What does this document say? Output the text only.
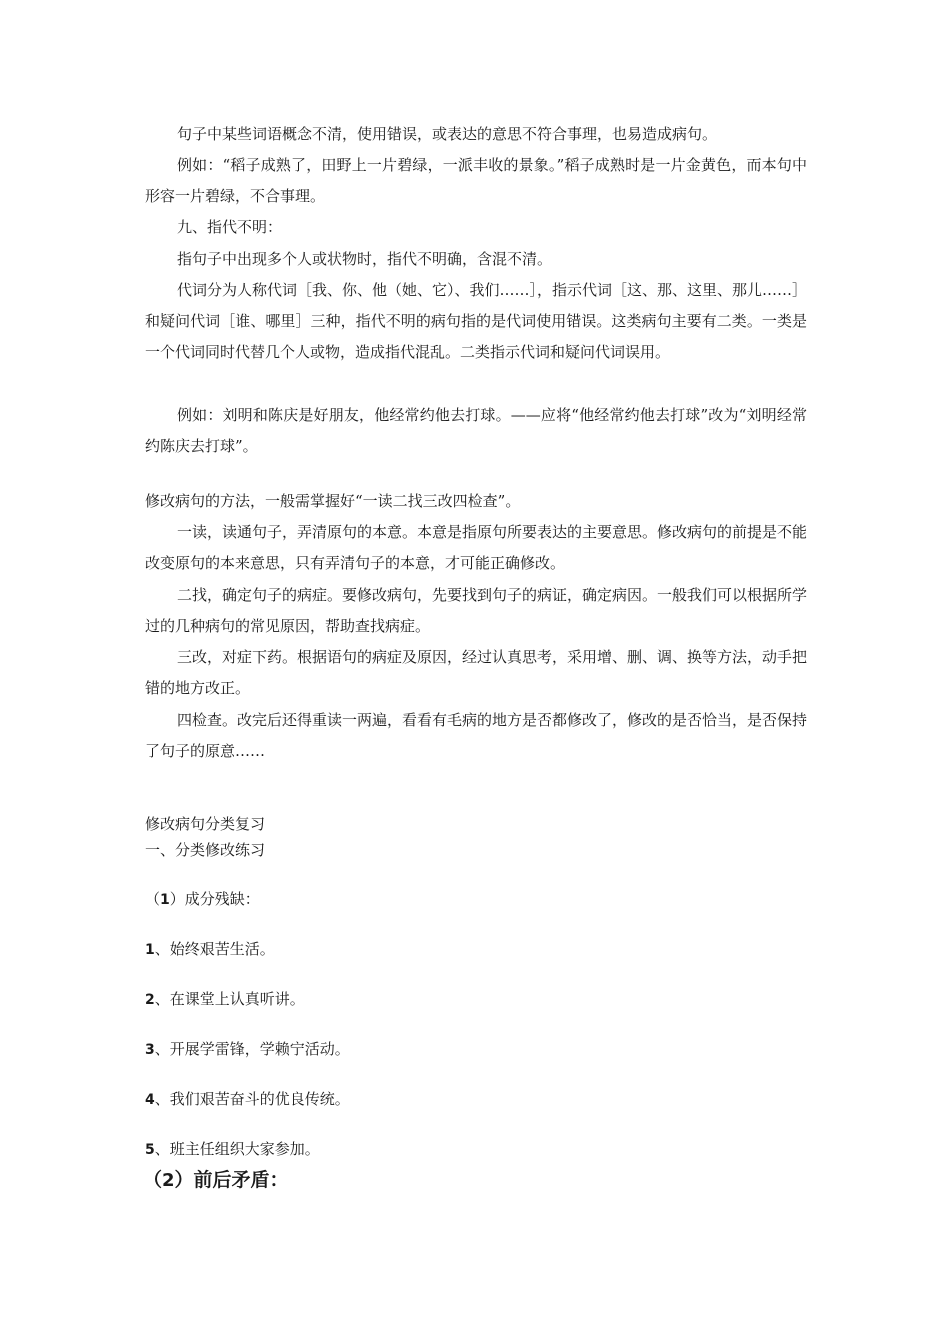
句子中某些词语概念不清，使用错误，或表达的意思不符合事理，也易造成病句。

例如：“稻子成熟了，田野上一片碧绿，一派丰收的景象。”稻子成熟时是一片金黄色，而本句中形容一片碧绿，不合事理。

九、指代不明：

指句子中出现多个人或状物时，指代不明确，含混不清。

代词分为人称代词［我、你、他（她、它）、我们……］，指示代词［这、那、这里、那儿……］和疑问代词［谁、哪里］三种，指代不明的病句指的是代词使用错误。这类病句主要有二类。一类是一个代词同时代替几个人或物，造成指代混乱。二类指示代词和疑问代词误用。

例如：刘明和陈庆是好朋友，他经常约他去打球。——应将“他经常约他去打球”改为“刘明经常约陈庆去打球”。

修改病句的方法，一般需掌握好“一读二找三改四检查”。

一读，读通句子，弄清原句的本意。本意是指原句所要表达的主要意思。修改病句的前提是不能改变原句的本来意思，只有弄清句子的本意，才可能正确修改。

二找，确定句子的病症。要修改病句，先要找到句子的病证，确定病因。一般我们可以根据所学过的几种病句的常见原因，帮助查找病症。

三改，对症下药。根据语句的病症及原因，经过认真思考，采用增、删、调、换等方法，动手把错的地方改正。

四检查。改完后还得重读一两遍，看看有毛病的地方是否都修改了，修改的是否恰当，是否保持了句子的原意……

修改病句分类复习
一、分类修改练习
（1）成分残缺：
1、始终艰苦生活。
2、在课堂上认真听讲。
3、开展学雷锋，学赖宁活动。
4、我们艰苦奋斗的优良传统。
5、班主任组织大家参加。
（2）前后矛盾：
